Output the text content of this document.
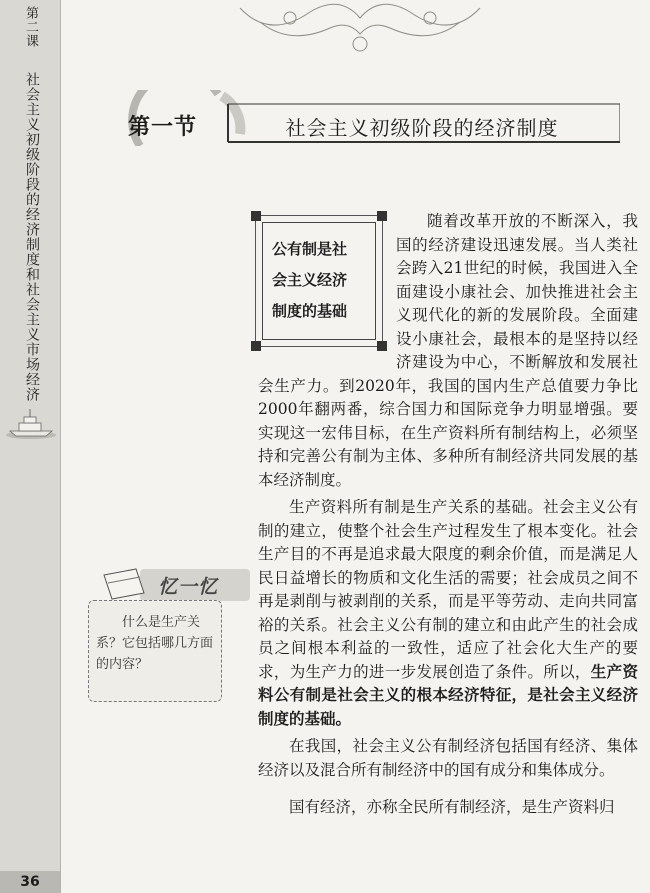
第二课
社会主义初级阶段的经济制度和社会主义市场经济
36
第一节	社会主义初级阶段的经济制度
公有制是社
会主义经济
制度的基础

随着改革开放的不断深入，我国的经济建设迅速发展。当人类社会跨入21世纪的时候，我国进入全面建设小康社会、加快推进社会主义现代化的新的发展阶段。全面建设小康社会，最根本的是坚持以经济建设为中心，不断解放和发展社会生产力。到2020年，我国的国内生产总值要力争比2000年翻两番，综合国力和国际竞争力明显增强。要实现这一宏伟目标，在生产资料所有制结构上，必须坚持和完善公有制为主体、多种所有制经济共同发展的基本经济制度。

生产资料所有制是生产关系的基础。社会主义公有制的建立，使整个社会生产过程发生了根本变化。社会生产目的不再是追求最大限度的剩余价值，而是满足人民日益增长的物质和文化生活的需要；社会成员之间不再是剥削与被剥削的关系，而是平等劳动、走向共同富裕的关系。社会主义公有制的建立和由此产生的社会成员之间根本利益的一致性，适应了社会化大生产的要求，为生产力的进一步发展创造了条件。所以，生产资料公有制是社会主义的根本经济特征，是社会主义经济制度的基础。

在我国，社会主义公有制经济包括国有经济、集体经济以及混合所有制经济中的国有成分和集体成分。

国有经济，亦称全民所有制经济，是生产资料归

忆一忆
什么是生产关系？它包括哪几方面的内容？
